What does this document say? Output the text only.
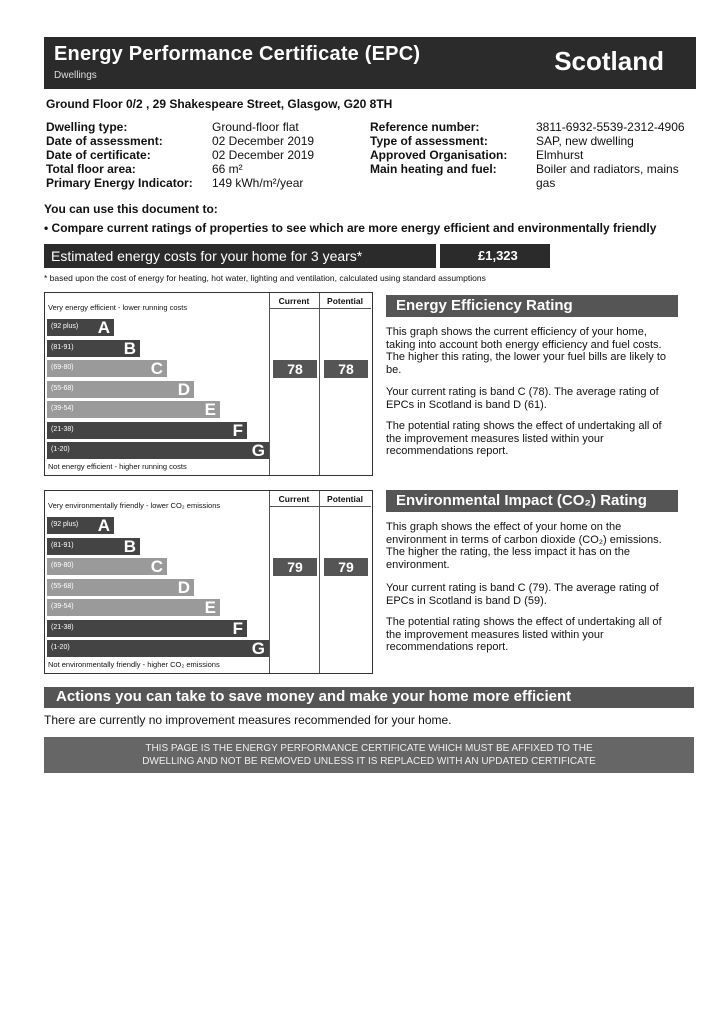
Energy Performance Certificate (EPC)
Dwellings	Scotland
Ground Floor 0/2 , 29 Shakespeare Street, Glasgow, G20 8TH
Dwelling type:	Ground-floor flat
Date of assessment:	02 December 2019
Date of certificate:	02 December 2019
Total floor area:	66 m²
Primary Energy Indicator: 149 kWh/m²/year
Reference number:	3811-6932-5539-2312-4906
Type of assessment:	SAP, new dwelling
Approved Organisation: Elmhurst
Main heating and fuel:	Boiler and radiators, mains gas
You can use this document to:
• Compare current ratings of properties to see which are more energy efficient and environmentally friendly
Estimated energy costs for your home for 3 years*	£1,323
* based upon the cost of energy for heating, hot water, lighting and ventilation, calculated using standard assumptions
Current	Potential
Very energy efficient - lower running costs
Not energy efficient - higher running costs
(92 plus) A
(81-91)	B
(69-80)	C
(55-68)	D
(39-54)	E
(21-38)	F
(1-20)	G
78	78
Current	Potential
Very environmentally friendly - lower CO₂ emissions
Not environmentally friendly - higher CO₂ emissions
(92 plus) A
(81-91)	B
(69-80)	C
(55-68)	D
(39-54)	E
(21-38)	F
(1-20)	G
79	79
Energy Efficiency Rating
This graph shows the current efficiency of your home, taking into account both energy efficiency and fuel costs. The higher this rating, the lower your fuel bills are likely to be.
Your current rating is band C (78). The average rating of EPCs in Scotland is band D (61).
The potential rating shows the effect of undertaking all of the improvement measures listed within your recommendations report.
Environmental Impact (CO₂) Rating
This graph shows the effect of your home on the environment in terms of carbon dioxide (CO₂) emissions. The higher the rating, the less impact it has on the environment.
Your current rating is band C (79). The average rating of EPCs in Scotland is band D (59).
The potential rating shows the effect of undertaking all of the improvement measures listed within your recommendations report.
Actions you can take to save money and make your home more efficient
There are currently no improvement measures recommended for your home.
THIS PAGE IS THE ENERGY PERFORMANCE CERTIFICATE WHICH MUST BE AFFIXED TO THE
DWELLING AND NOT BE REMOVED UNLESS IT IS REPLACED WITH AN UPDATED CERTIFICATE
